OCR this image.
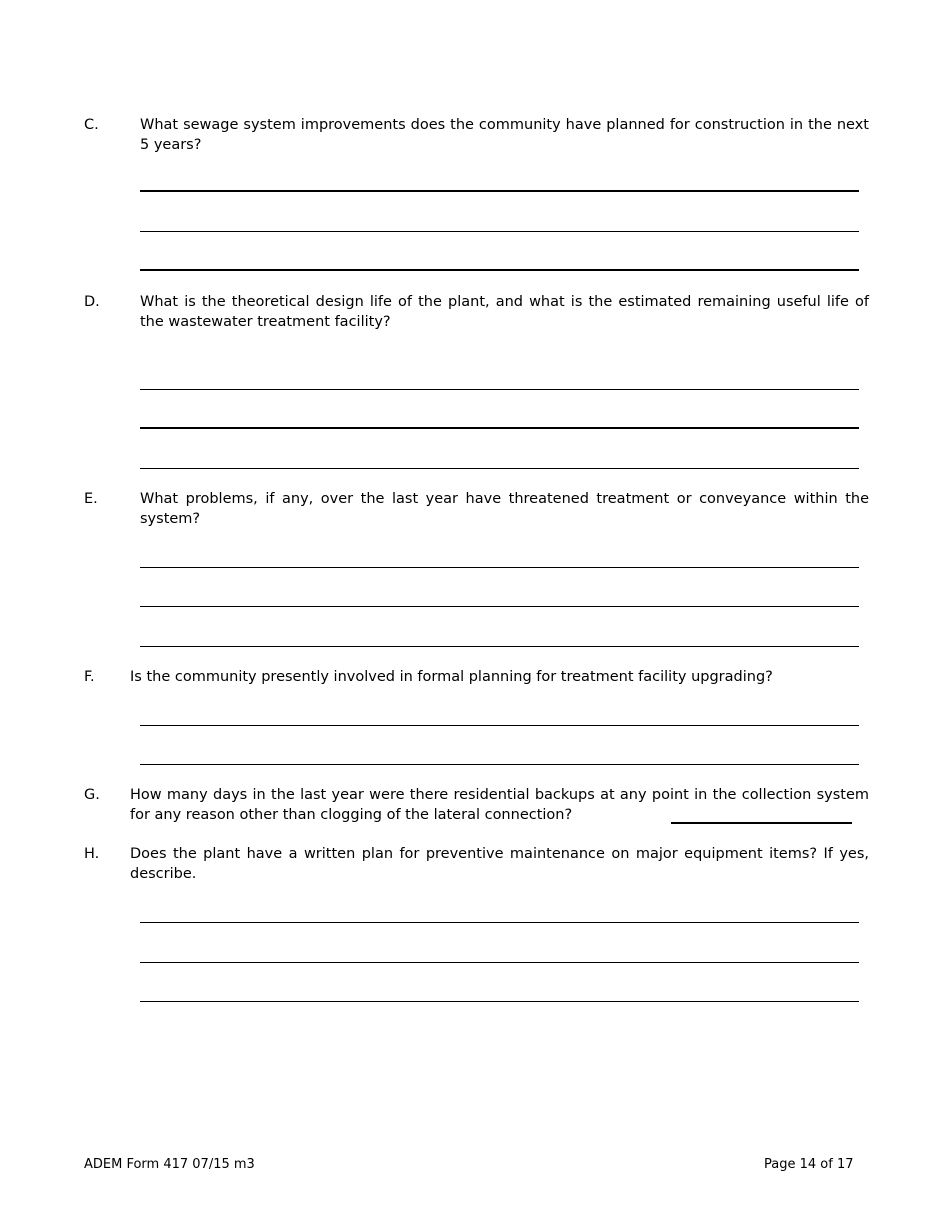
C.	What sewage system improvements does the community have planned for construction in the next 5 years?
D.	What is the theoretical design life of the plant, and what is the estimated remaining useful life of the wastewater treatment facility?
E.	What problems, if any, over the last year have threatened treatment or conveyance within the system?
F. Is the community presently involved in formal planning for treatment facility upgrading?
G. How many days in the last year were there residential backups at any point in the collection system for any reason other than clogging of the lateral connection?
H. Does the plant have a written plan for preventive maintenance on major equipment items? If yes, describe.
ADEM Form 417 07/15 m3	Page 14 of 17
